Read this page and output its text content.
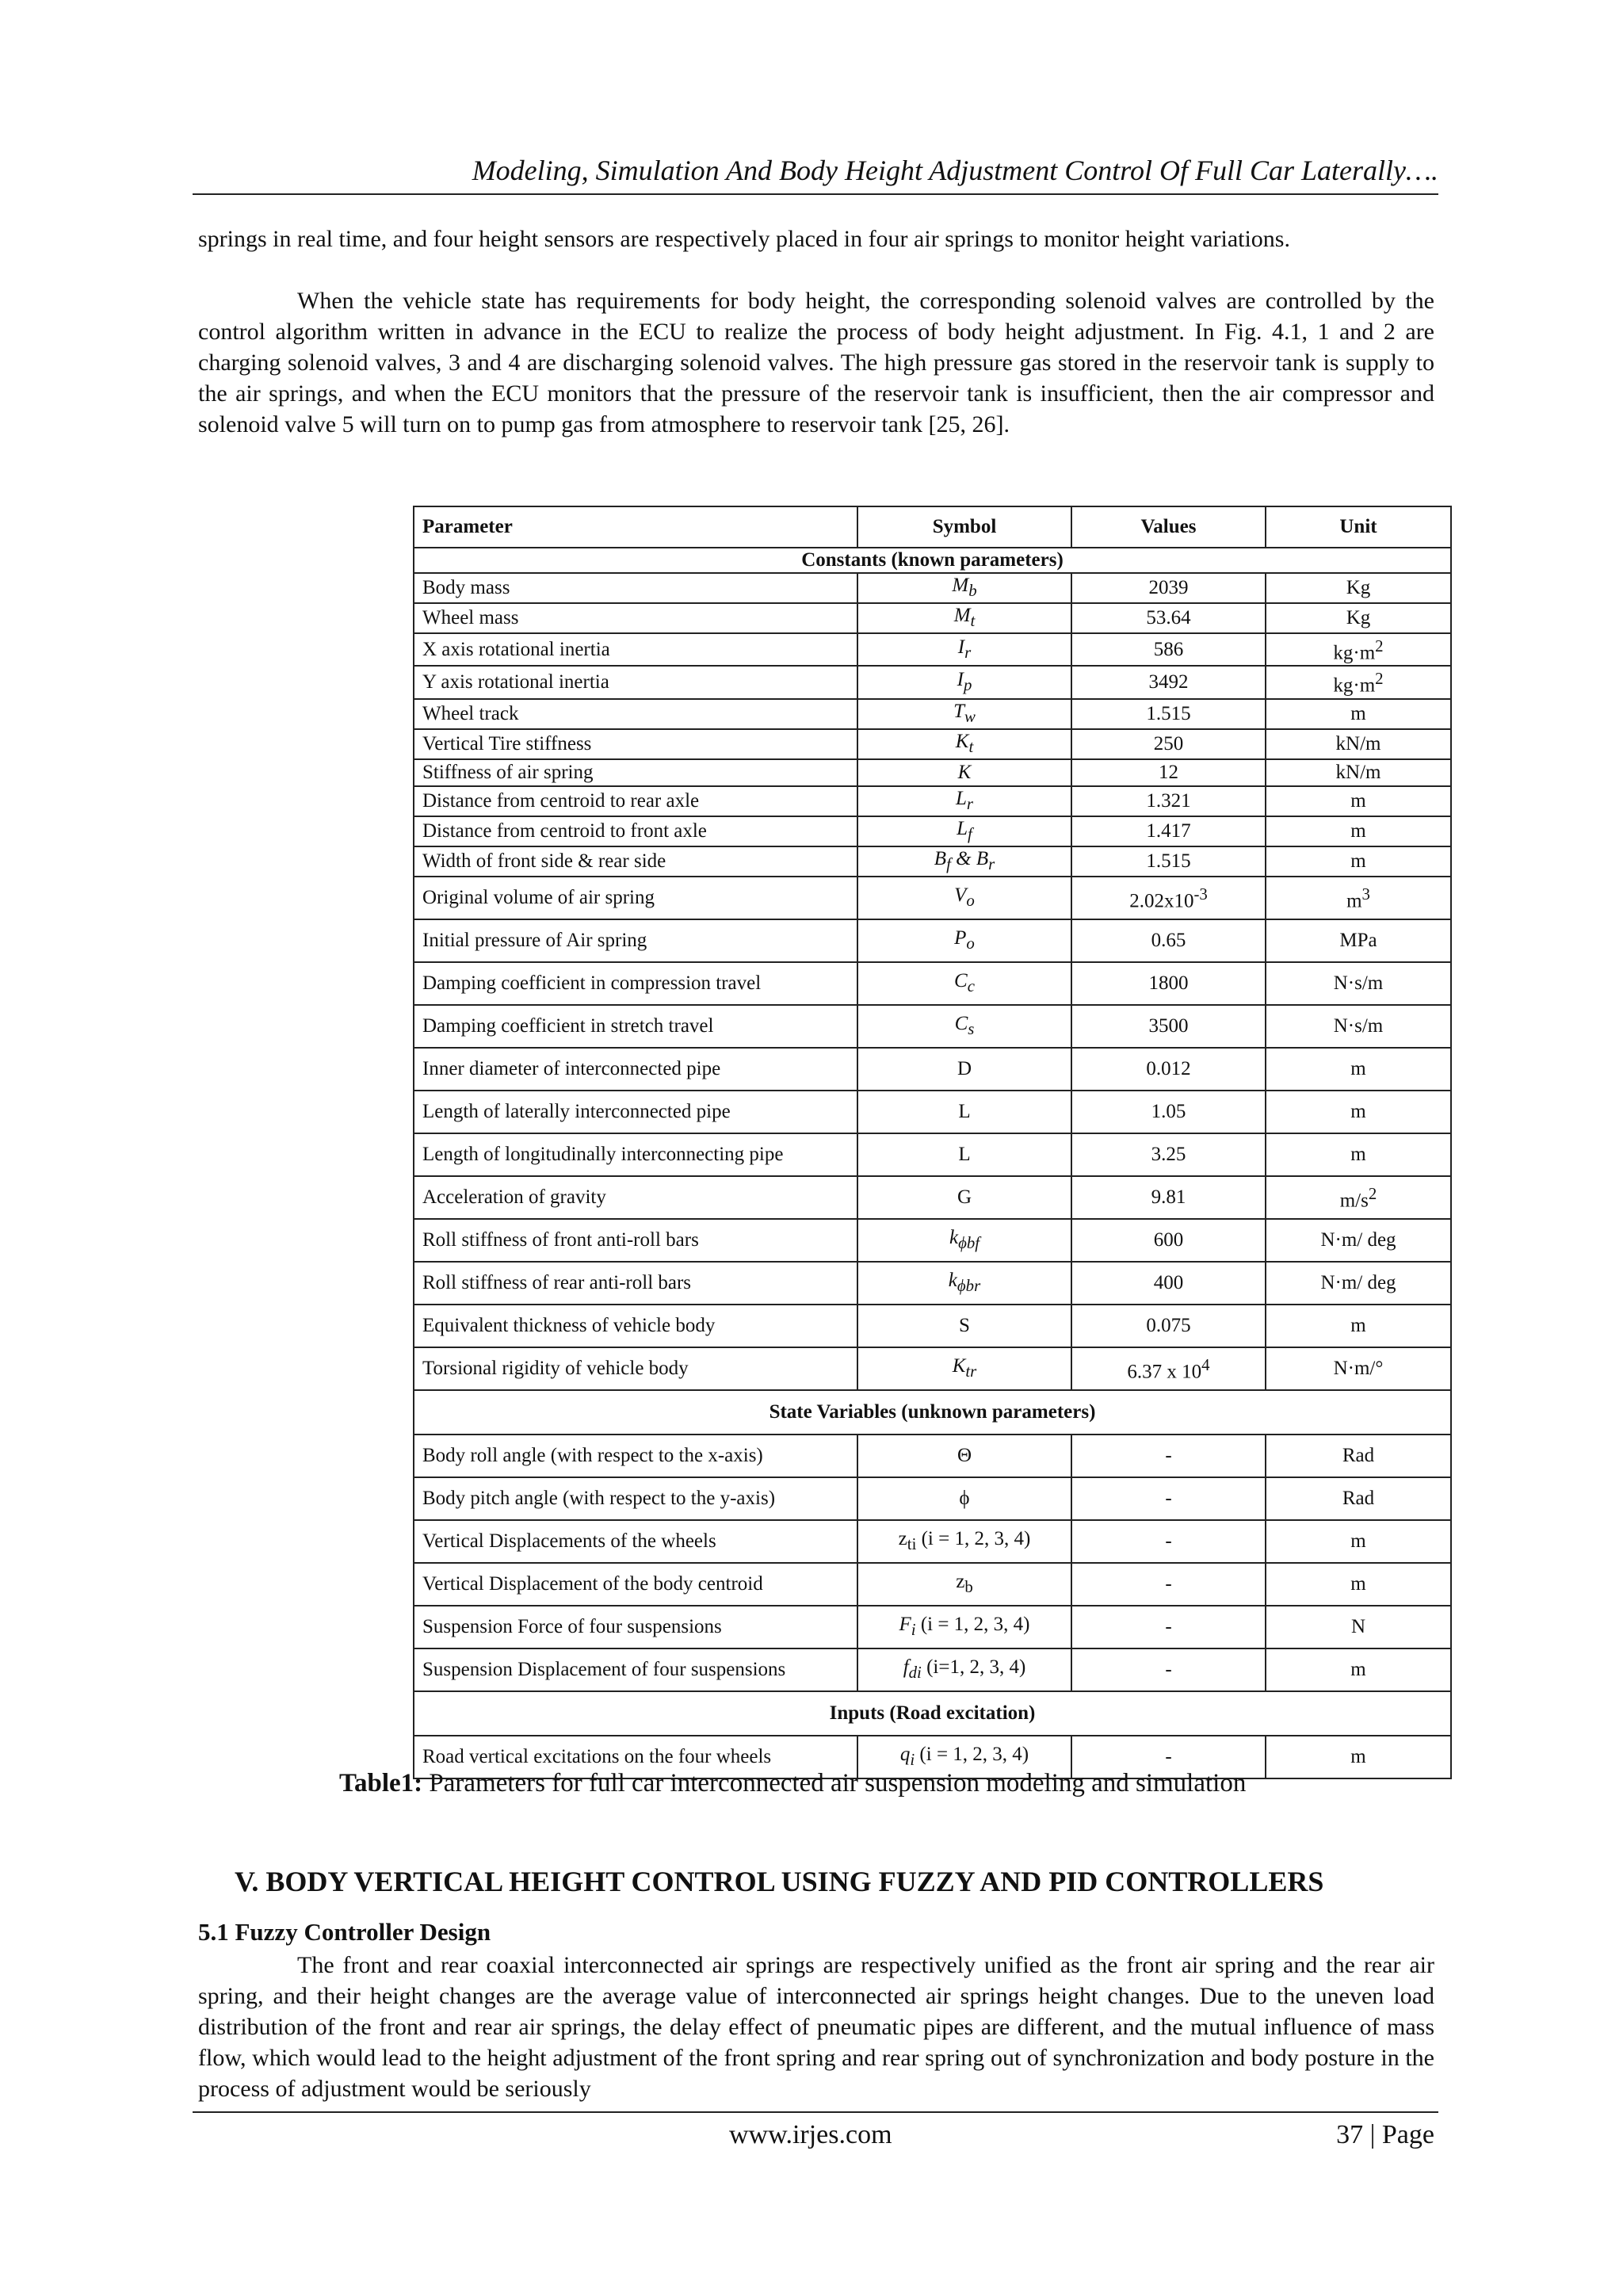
Modeling, Simulation And Body Height Adjustment Control Of Full Car Laterally….

springs in real time, and four height sensors are respectively placed in four air springs to monitor height variations.

When the vehicle state has requirements for body height, the corresponding solenoid valves are controlled by the control algorithm written in advance in the ECU to realize the process of body height adjustment. In Fig. 4.1, 1 and 2 are charging solenoid valves, 3 and 4 are discharging solenoid valves. The high pressure gas stored in the reservoir tank is supply to the air springs, and when the ECU monitors that the pressure of the reservoir tank is insufficient, then the air compressor and solenoid valve 5 will turn on to pump gas from atmosphere to reservoir tank [25, 26].

Parameter	Symbol	Values	Unit
Constants (known parameters)			
Body mass	$M_b$	2039	Kg
Wheel mass	$M_t$	53.64	Kg
X axis rotational inertia	$I_r$	586	$kg\cdot m^2$
Y axis rotational inertia	$I_p$	3492	$kg\cdot m^2$
Wheel track	$T_w$	1.515	m
Vertical Tire stiffness	$K_t$	250	kN/m
Stiffness of air spring	K	12	kN/m
Distance from centroid to rear axle	$L_r$	1.321	m
Distance from centroid to front axle	$L_f$	1.417	m
Width of front side & rear side	$B_f$ & $B_r$	1.515	m
Original volume of air spring	$V_o$	$2.02x10^{-3}$	$m^3$
Initial pressure of Air spring	$P_o$	0.65	MPa
Damping coefficient in compression travel	$C_c$	1800	N·s/m
Damping coefficient in stretch travel	$C_s$	3500	N·s/m
Inner diameter of interconnected pipe	D	0.012	m
Length of laterally interconnected pipe	L	1.05	m
Length of longitudinally interconnecting pipe	L	3.25	m
Acceleration of gravity	G	9.81	$m/s^2$
Roll stiffness of front anti-roll bars	$k_{\phi bf}$	600	N·m/ deg
Roll stiffness of rear anti-roll bars	$k_{\phi br}$	400	N·m/ deg
Equivalent thickness of vehicle body	S	0.075	m
Torsional rigidity of vehicle body	$K_{tr}$	6.37 x $10^4$	N·m/°
State Variables (unknown parameters)			
Body roll angle (with respect to the x-axis)	Θ	-	Rad
Body pitch angle (with respect to the y-axis)	ϕ	-	Rad
Vertical Displacements of the wheels	$z_{ti}$ (i = 1, 2, 3, 4)	-	m
Vertical Displacement of the body centroid	$z_b$	-	m
Suspension Force of four suspensions	$F_i$ (i = 1, 2, 3, 4)	-	N
Suspension Displacement of four suspensions	$f_{di}$ (i=1, 2, 3, 4)	-	m
Inputs (Road excitation)			
Road vertical excitations on the four wheels	$q_i$ (i = 1, 2, 3, 4)	-	m
Table1: Parameters for full car interconnected air suspension modeling and simulation
V. BODY VERTICAL HEIGHT CONTROL USING FUZZY AND PID CONTROLLERS
5.1 Fuzzy Controller Design

The front and rear coaxial interconnected air springs are respectively unified as the front air spring and the rear air spring, and their height changes are the average value of interconnected air springs height changes. Due to the uneven load distribution of the front and rear air springs, the delay effect of pneumatic pipes are different, and the mutual influence of mass flow, which would lead to the height adjustment of the front spring and rear spring out of synchronization and body posture in the process of adjustment would be seriously

www.irjes.com	37 | Page
